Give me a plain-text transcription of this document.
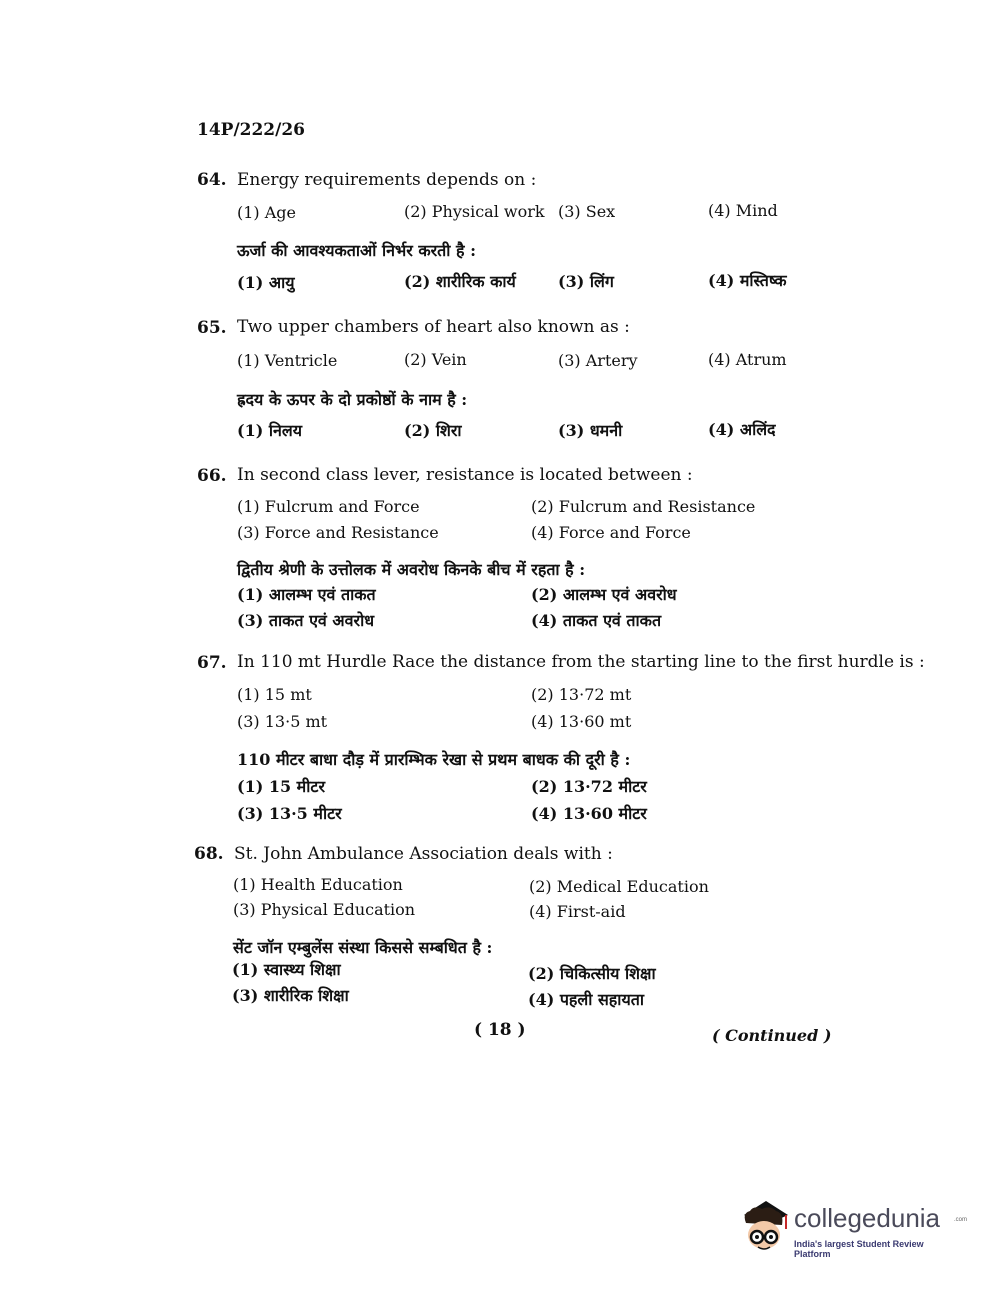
14P/222/26
64. Energy requirements depends on :
(1) Age	(2) Physical work (3) Sex	(4) Mind
ऊर्जा की आवश्यकताओं निर्भर करती है :
(1) आयु	(2) शारीरिक कार्य	(3) लिंग	(4) मस्तिष्क
65. Two upper chambers of heart also known as :
(1) Ventricle	(2) Vein	(3) Artery	(4) Atrum
ह्रदय के ऊपर के दो प्रकोष्ठों के नाम है :
(1) निलय	(2) शिरा	(3) धमनी	(4) अलिंद
66. In second class lever, resistance is located between :
(1) Fulcrum and Force	(2) Fulcrum and Resistance
(3) Force and Resistance	(4) Force and Force
द्वितीय श्रेणी के उत्तोलक में अवरोध किनके बीच में रहता है :
(1) आलम्भ एवं ताकत	(2) आलम्भ एवं अवरोध
(3) ताकत एवं अवरोध	(4) ताकत एवं ताकत
67. In 110 mt Hurdle Race the distance from the starting line to the first hurdle is :
(1) 15 mt	(2) 13·72 mt
(3) 13·5 mt	(4) 13·60 mt
110 मीटर बाधा दौड़ में प्रारम्भिक रेखा से प्रथम बाधक की दूरी है :
(1) 15 मीटर	(2) 13·72 मीटर
(3) 13·5 मीटर	(4) 13·60 मीटर
68. St. John Ambulance Association deals with :
(1) Health Education	(2) Medical Education
(3) Physical Education	(4) First-aid
सेंट जॉन एम्बुलेंस संस्था किससे सम्बधित है :
(1) स्वास्थ्य शिक्षा	(2) चिकित्सीय शिक्षा
(3) शारीरिक शिक्षा	(4) पहली सहायता
( 18 )	( Continued )
collegedunia .com
India's largest Student Review Platform
